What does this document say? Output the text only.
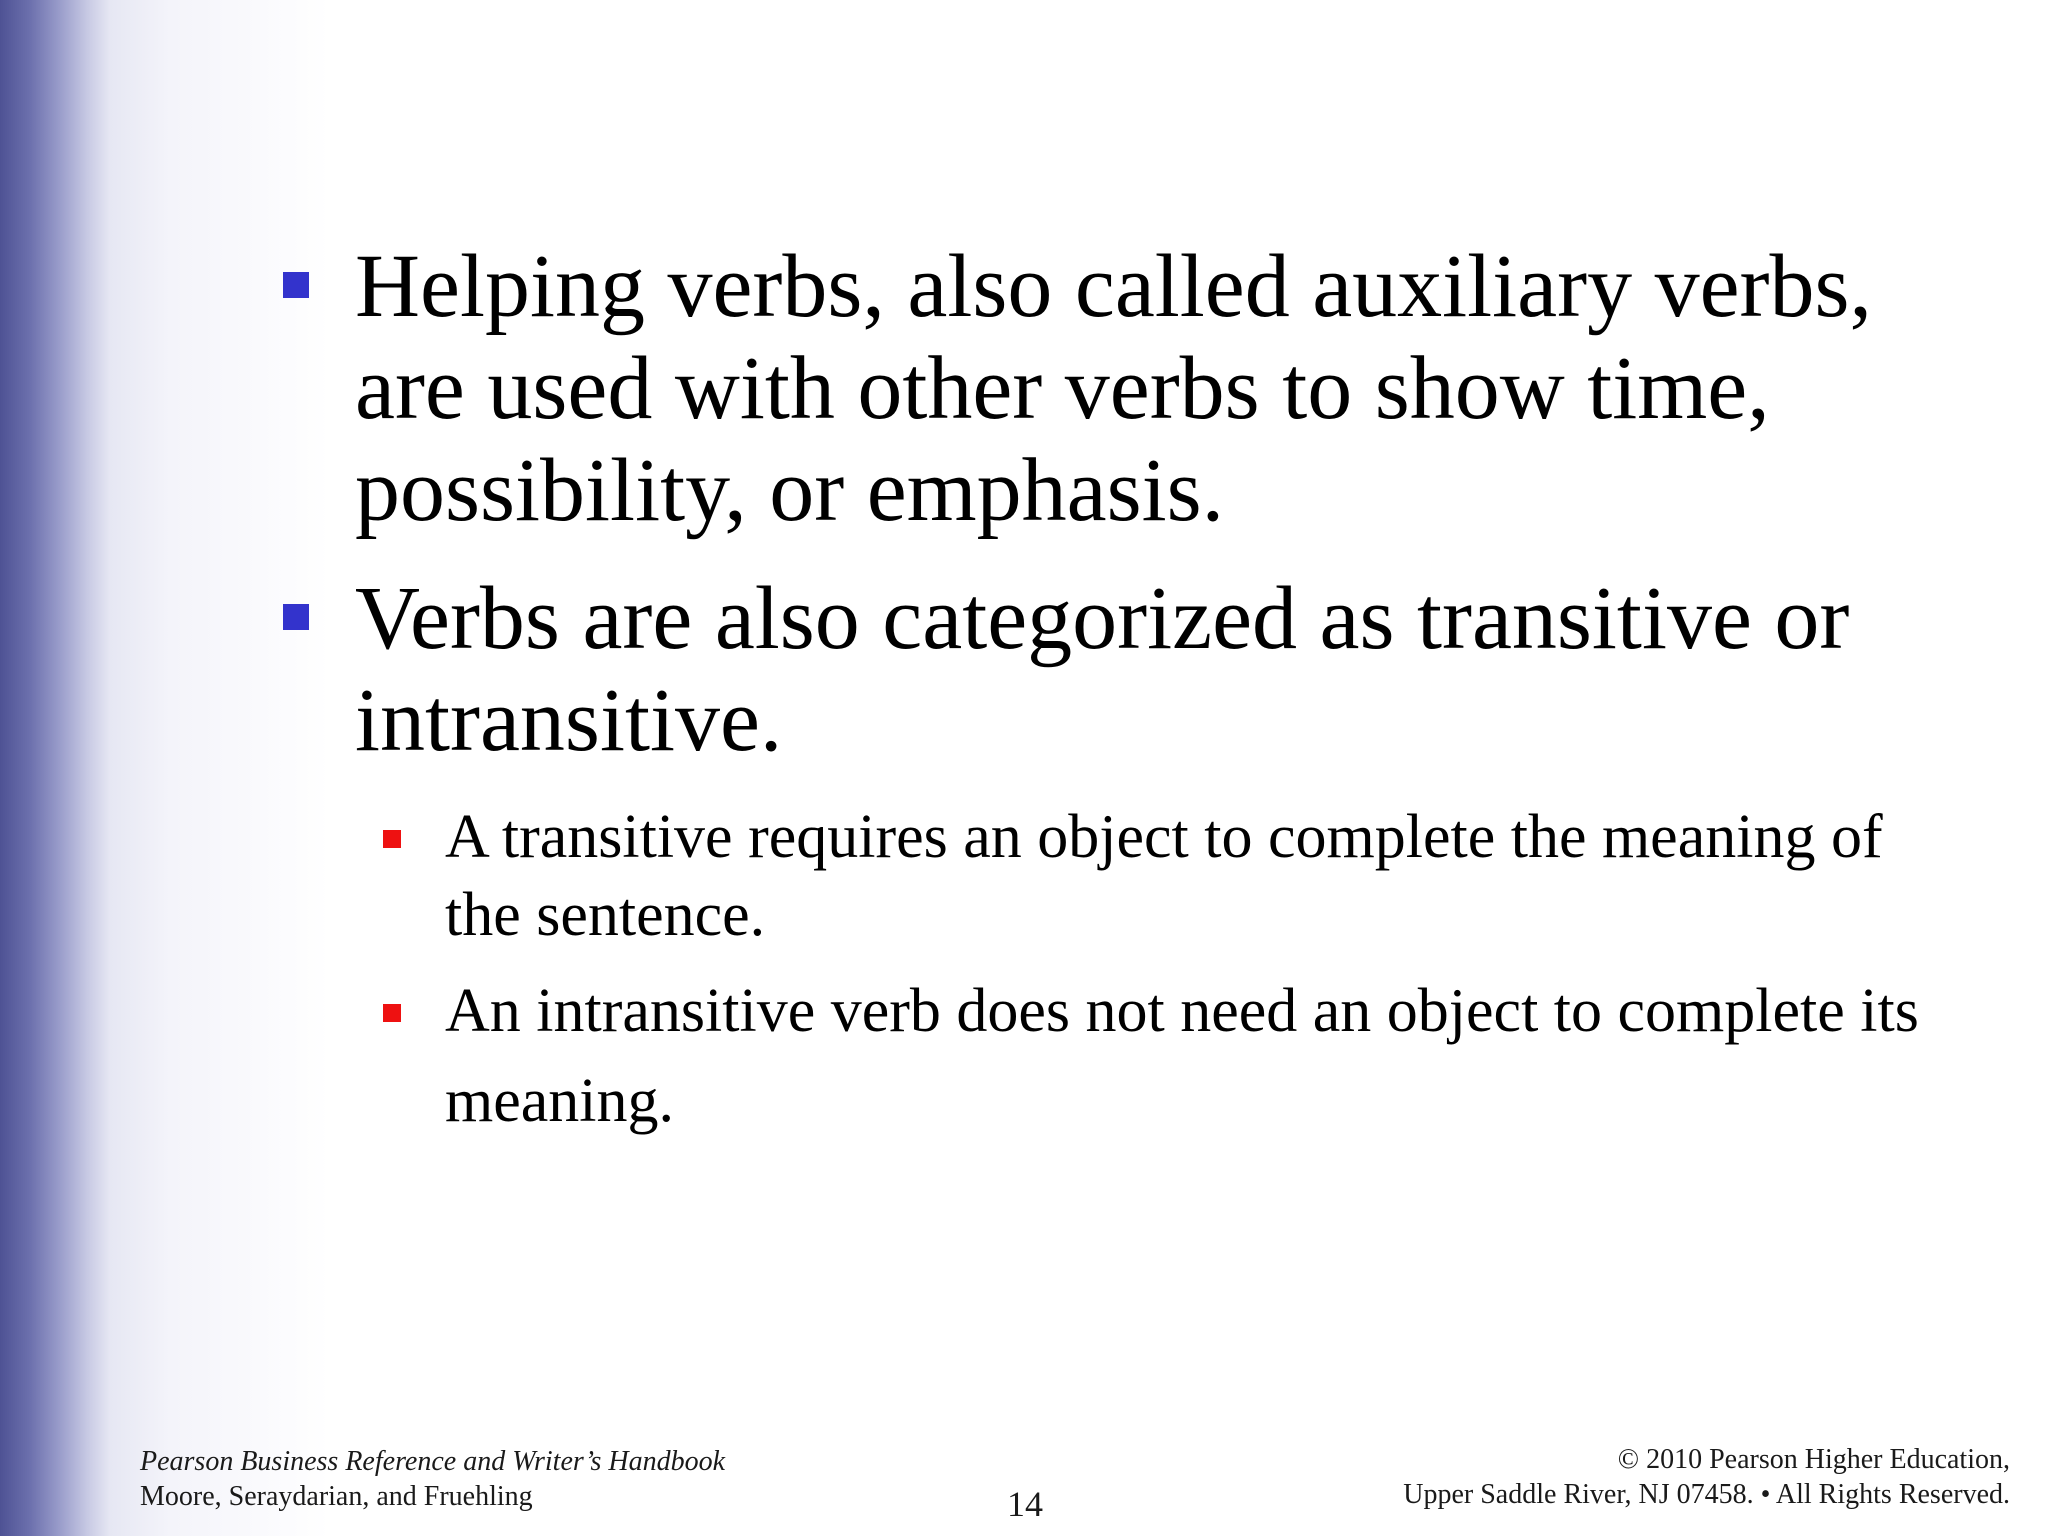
Helping verbs, also called auxiliary verbs, are used with other verbs to show time, possibility, or emphasis.
Verbs are also categorized as transitive or intransitive.
A transitive requires an object to complete the meaning of the sentence.
An intransitive verb does not need an object to complete its meaning.
Pearson Business Reference and Writer’s Handbook
Moore, Seraydarian, and Fruehling	14
© 2010 Pearson Higher Education,
Upper Saddle River, NJ 07458. • All Rights Reserved.
